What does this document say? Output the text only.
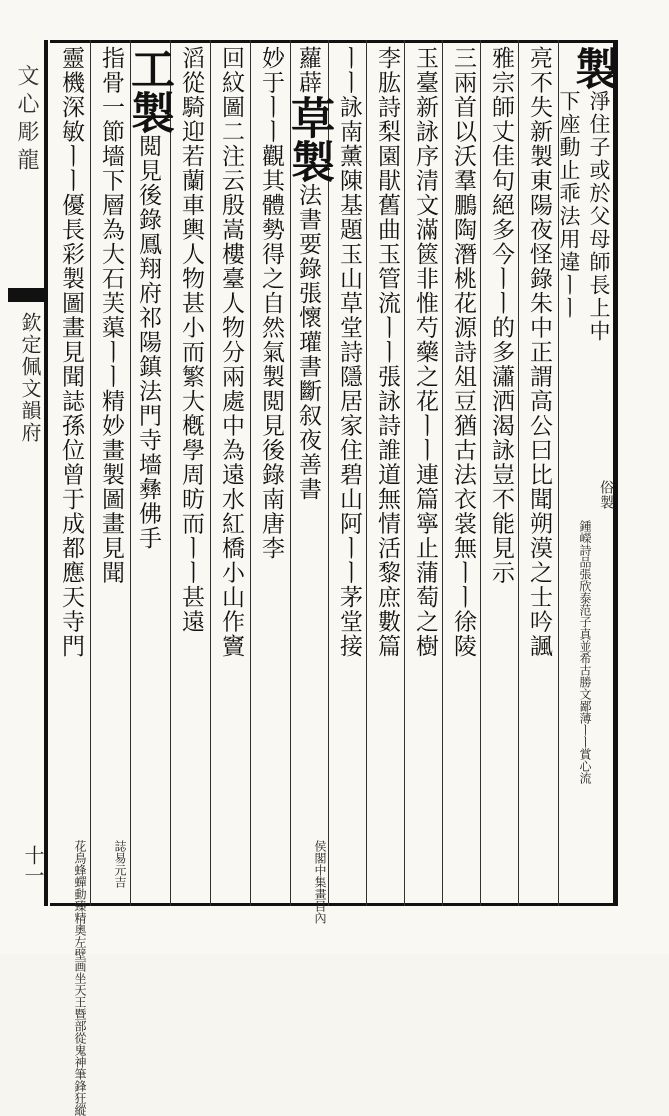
文心彫龍
欽定佩文韻府
十一
製
淨住子或於父母師長上中
下座動止乖法用違ㅣㅣ
亮不失新製東陽夜怪錄朱中正謂高公曰比聞朔漠之士吟諷
雅宗師丈佳句絕多今ㅣㅣ的多瀟洒渴詠豈不能見示
三兩首以沃羣鵬陶潛桃花源詩俎豆猶古法衣裳無ㅣㅣ徐陵
玉臺新詠序清文滿篋非惟芍藥之花ㅣㅣ連篇寧止蒲萄之樹
李肱詩梨園猒舊曲玉管流ㅣㅣ張詠詩誰道無情活黎庶數篇
ㅣㅣ詠南薰陳基題玉山草堂詩隱居家住碧山阿ㅣㅣ茅堂接
蘿薜草製法書要錄張懷瓘書斷叙夜善書
妙于ㅣㅣ觀其體勢得之自然氣製閲見後錄南唐李
回紋圖二注云殷嵩樓臺人物分兩處中為遠水紅橋小山作竇
滔從騎迎若蘭車輿人物甚小而繁大槪學周昉而ㅣㅣ甚遠
工製閲見後錄鳳翔府祁陽鎮法門寺墻彝佛手
指骨一節墻下層為大石芙蕖ㅣㅣ精妙畫製圖畫見聞
靈機深敏ㅣㅣ優長彩製圖畫見聞誌孫位曾于成都應天寺門	俗製
侯閣中集畫目內
誌易元吉
花鳥蜂蟬動臻精奧左壁画坐天王暨部從鬼神筆鋒狂縱
鍾嶸詩品張欣泰范子真並希古勝文鄙薄ㅣㅣ賞心流
